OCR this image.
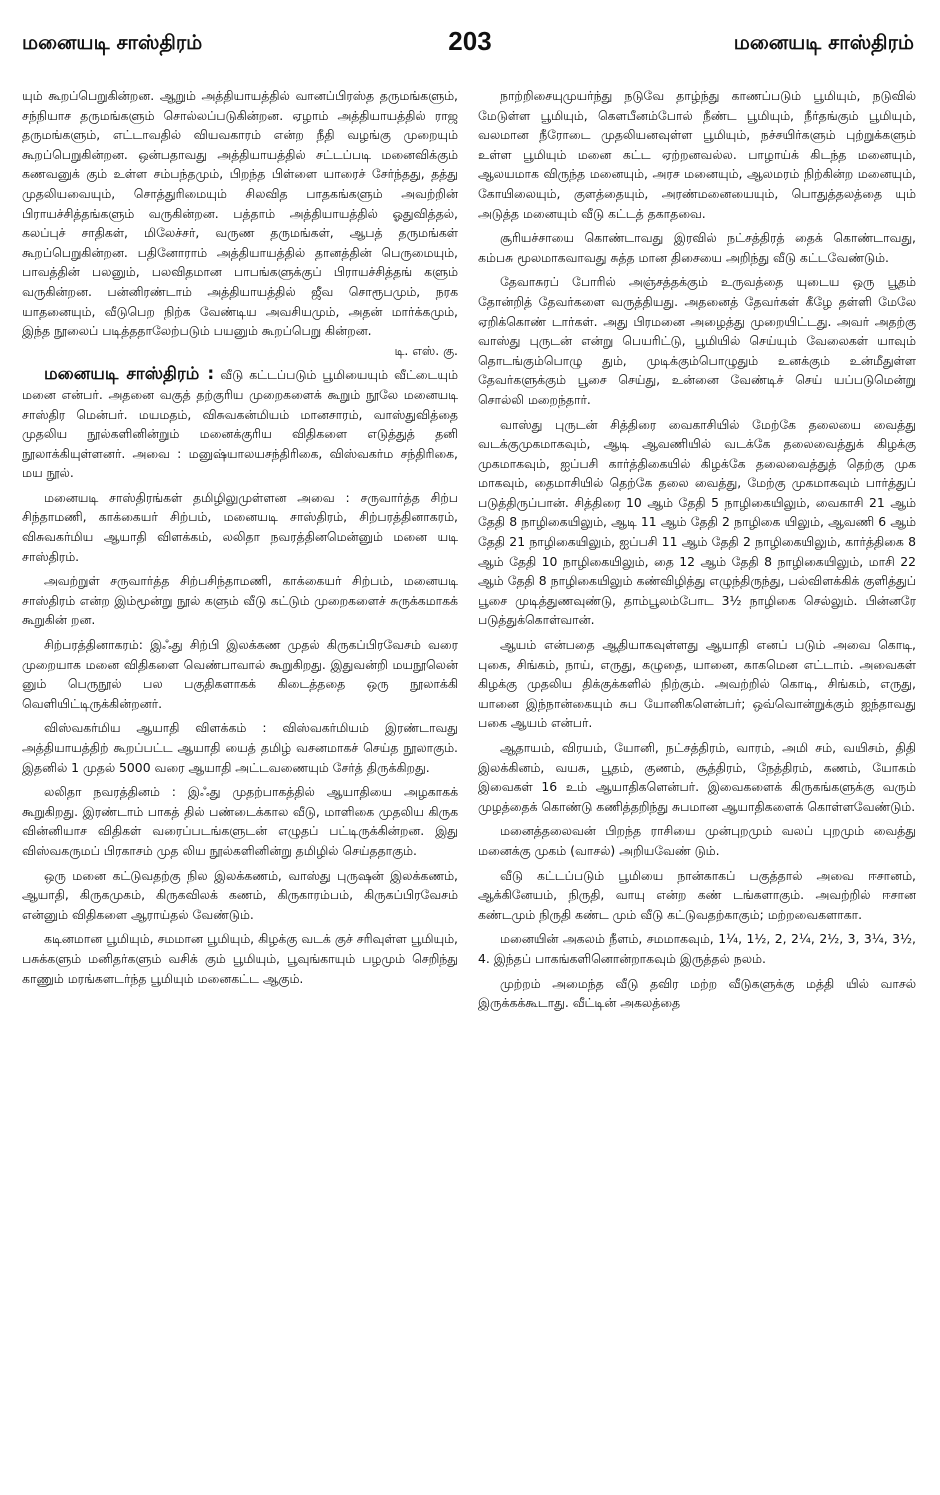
மனையடி சாஸ்திரம்	203	மனையடி சாஸ்திரம்

யும் கூறப்பெறுகின்றன. ஆறும் அத்தியாயத்தில் வானப்பிரஸ்த தருமங்களும், சந்நியாச தருமங்களும் சொல்லப்படுகின்றன. ஏழாம் அத்தியாயத்தில் ராஜ தருமங்களும், எட்டாவதில் வியவகாரம் என்ற நீதி வழங்கு முறையும் கூறப்பெறுகின்றன. ஒன்பதாவது அத்தியாயத்தில் சட்டப்படி மனைவிக்கும் கணவனுக் கும் உள்ள சம்பந்தமும், பிறந்த பிள்ளை யாரைச் சேர்ந்தது, தத்து முதலியவையும், சொத்துரிமையும் சிலவித பாதகங்களும் அவற்றின் பிராயச்சித்தங்களும் வருகின்றன. பத்தாம் அத்தியாயத்தில் ஓதுவித்தல், கலப்புச் சாதிகள், மிலேச்சர், வருண தருமங்கள், ஆபத் தருமங்கள் கூறப்பெறுகின்றன. பதினோராம் அத்தியாயத்தில் தானத்தின் பெருமையும், பாவத்தின் பலனும், பலவிதமான பாபங்களுக்குப் பிராயச்சித்தங் களும் வருகின்றன. பன்னிரண்டாம் அத்தியாயத்தில் ஜீவ சொரூபமும், நரக யாதனையும், வீடுபெற நிற்க வேண்டிய அவசியமும், அதன் மார்க்கமும், இந்த நூலைப் படித்ததாலேற்படும் பயனும் கூறப்பெறு கின்றன.

டி. எஸ். கு.

மனையடி சாஸ்திரம் : வீடு கட்டப்படும் பூமியையும் வீட்டையும் மனை என்பர். அதனை வகுத் தற்குரிய முறைகளைக் கூறும் நூலே மனையடி சாஸ்திர மென்பர். மயமதம், விசுவகன்மியம் மானசாரம், வாஸ்துவித்தை முதலிய நூல்களினின்றும் மனைக்குரிய விதிகளை எடுத்துத் தனி நூலாக்கியுள்ளனர். அவை : மனுஷ்யாலயசந்திரிகை, விஸ்வகர்ம சந்திரிகை, மய நூல்.

மனையடி சாஸ்திரங்கள் தமிழிலுமுள்ளன அவை : சருவார்த்த சிற்ப சிந்தாமணி, காக்கையர் சிற்பம், மனையடி சாஸ்திரம், சிற்பரத்தினாகரம், விசுவகர்மிய ஆயாதி விளக்கம், லலிதா நவரத்தினமென்னும் மனை யடி சாஸ்திரம்.

அவற்றுள் சருவார்த்த சிற்பசிந்தாமணி, காக்கையர் சிற்பம், மனையடி சாஸ்திரம் என்ற இம்மூன்று நூல் களும் வீடு கட்டும் முறைகளைச் சுருக்கமாகக் கூறுகின் றன.

சிற்பரத்தினாகரம்: இஃது சிற்பி இலக்கண முதல் கிருகப்பிரவேசம் வரை முறையாக மனை விதிகளை வெண்பாவால் கூறுகிறது. இதுவன்றி மயநூலென் னும் பெருநூல் பல பகுதிகளாகக் கிடைத்ததை ஒரு நூலாக்கி வெளியிட்டிருக்கின்றனர்.

விஸ்வகர்மிய ஆயாதி விளக்கம் : விஸ்வகர்மியம் இரண்டாவது அத்தியாயத்திற் கூறப்பட்ட ஆயாதி யைத் தமிழ் வசனமாகச் செய்த நூலாகும். இதனில் 1 முதல் 5000 வரை ஆயாதி அட்டவணையும் சேர்த் திருக்கிறது.

லலிதா நவரத்தினம் : இஃது முதற்பாகத்தில் ஆயாதியை அழகாகக் கூறுகிறது. இரண்டாம் பாகத் தில் பண்டைக்கால வீடு, மாளிகை முதலிய கிருக வின்னியாச விதிகள் வரைப்படங்களுடன் எழுதப் பட்டிருக்கின்றன. இது விஸ்வகருமப் பிரகாசம் முத லிய நூல்களினின்று தமிழில் செய்ததாகும்.

ஒரு மனை கட்டுவதற்கு நில இலக்கணம், வாஸ்து புருஷன் இலக்கணம், ஆயாதி, கிருகமுகம், கிருகவிலக் கணம், கிருகாரம்பம், கிருகப்பிரவேசம் என்னும் விதிகளை ஆராய்தல் வேண்டும்.

கடினமான பூமியும், சமமான பூமியும், கிழக்கு வடக் குச் சரிவுள்ள பூமியும், பசுக்களும் மனிதர்களும் வசிக் கும் பூமியும், பூவுங்காயும் பழமும் செறிந்து காணும் மரங்களடர்ந்த பூமியும் மனைகட்ட ஆகும்.

நாற்றிசையுமுயர்ந்து நடுவே தாழ்ந்து காணப்படும் பூமியும், நடுவில் மேடுள்ள பூமியும், கௌபீனம்போல் நீண்ட பூமியும், நீர்தங்கும் பூமியும், வலமான நீரோடை முதலியனவுள்ள பூமியும், நச்சயிர்களும் புற்றுக்களும் உள்ள பூமியும் மனை கட்ட ஏற்றனவல்ல. பாழாய்க் கிடந்த மனையும், ஆலயமாக விருந்த மனையும், அரச மனையும், ஆலமரம் நிற்கின்ற மனையும், கோயிலையும், குளத்தையும், அரண்மனையையும், பொதுத்தலத்தை யும் அடுத்த மனையும் வீடு கட்டத் தகாதவை.

சூரியச்சாயை கொண்டாவது இரவில் நட்சத்திரத் தைக் கொண்டாவது, கம்பசு மூலமாகவாவது சுத்த மான திசையை அறிந்து வீடு கட்டவேண்டும்.

தேவாசுரப் போரில் அஞ்சத்தக்கும் உருவத்தை யுடைய ஒரு பூதம் தோன்றித் தேவர்களை வருத்தியது. அதனைத் தேவர்கள் கீழே தள்ளி மேலே ஏறிக்கொண் டார்கள். அது பிரமனை அழைத்து முறையிட்டது. அவர் அதற்கு வாஸ்து புருடன் என்று பெயரிட்டு, பூமியில் செய்யும் வேலைகள் யாவும் தொடங்கும்பொழு தும், முடிக்கும்பொழுதும் உனக்கும் உன்மீதுள்ள தேவர்களுக்கும் பூசை செய்து, உன்னை வேண்டிச் செய் யப்படுமென்று சொல்லி மறைந்தார்.

வாஸ்து புருடன் சித்திரை வைகாசியில் மேற்கே தலையை வைத்து வடக்குமுகமாகவும், ஆடி ஆவணியில் வடக்கே தலைவைத்துக் கிழக்கு முகமாகவும், ஐப்பசி கார்த்திகையில் கிழக்கே தலைவைத்துத் தெற்கு முக மாகவும், தைமாசியில் தெற்கே தலை வைத்து, மேற்கு முகமாகவும் பார்த்துப் படுத்திருப்பான். சித்திரை 10 ஆம் தேதி 5 நாழிகையிலும், வைகாசி 21 ஆம் தேதி 8 நாழிகையிலும், ஆடி 11 ஆம் தேதி 2 நாழிகை யிலும், ஆவணி 6 ஆம் தேதி 21 நாழிகையிலும், ஐப்பசி 11 ஆம் தேதி 2 நாழிகையிலும், கார்த்திகை 8 ஆம் தேதி 10 நாழிகையிலும், தை 12 ஆம் தேதி 8 நாழிகையிலும், மாசி 22 ஆம் தேதி 8 நாழிகையிலும் கண்விழித்து எழுந்திருந்து, பல்விளக்கிக் குளித்துப் பூசை முடித்துணவுண்டு, தாம்பூலம்போட 3½ நாழிகை செல்லும். பின்னரே படுத்துக்கொள்வான்.

ஆயம் என்பதை ஆதியாகவுள்ளது ஆயாதி எனப் படும் அவை கொடி, புகை, சிங்கம், நாய், எருது, கழுதை, யானை, காகமென எட்டாம். அவைகள் கிழக்கு முதலிய திக்குக்களில் நிற்கும். அவற்றில் கொடி, சிங்கம், எருது, யானை இந்நான்கையும் சுப யோனிகளென்பர்; ஒவ்வொன்றுக்கும் ஐந்தாவது பகை ஆயம் என்பர்.

ஆதாயம், விரயம், யோனி, நட்சத்திரம், வாரம், அமி சம், வயிசம், திதி இலக்கினம், வயசு, பூதம், குணம், சூத்திரம், நேத்திரம், கணம், யோகம் இவைகள் 16 உம் ஆயாதிகளென்பர். இவைகளைக் கிருகங்களுக்கு வரும் முழத்தைக் கொண்டு கணித்தறிந்து சுபமான ஆயாதிகளைக் கொள்ளவேண்டும்.

மனைத்தலைவன் பிறந்த ராசியை முன்புறமும் வலப் புறமும் வைத்து மனைக்கு முகம் (வாசல்) அறியவேண் டும்.

வீடு கட்டப்படும் பூமியை நான்காகப் பகுத்தால் அவை ஈசானம், ஆக்கினேயம், நிருதி, வாயு என்ற கண் டங்களாகும். அவற்றில் ஈசான கண்டமும் நிருதி கண்ட மும் வீடு கட்டுவதற்காகும்; மற்றவைகளாகா.

மனையின் அகலம் நீளம், சமமாகவும், 1¼, 1½, 2, 2¼, 2½, 3, 3¼, 3½, 4. இந்தப் பாகங்களினொன்றாகவும் இருத்தல் நலம்.

முற்றம் அமைந்த வீடு தவிர மற்ற வீடுகளுக்கு மத்தி யில் வாசல் இருக்கக்கூடாது. வீட்டின் அகலத்தை
